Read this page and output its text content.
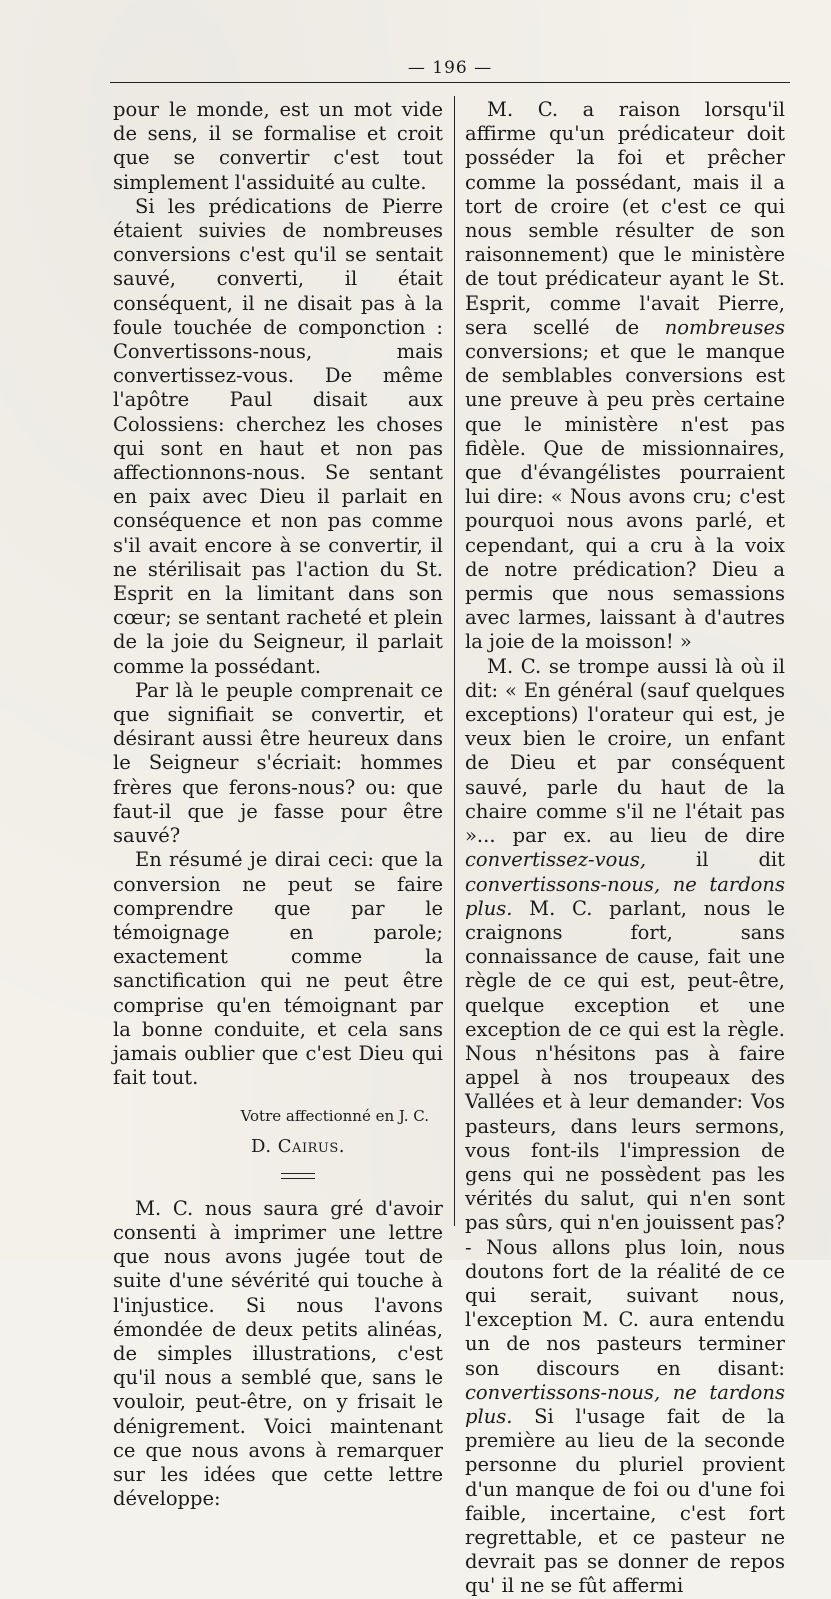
— 196 —

pour le monde, est un mot vide de sens, il se formalise et croit que se convertir c'est tout simplement l'assiduité au culte.

Si les prédications de Pierre étaient suivies de nombreuses conversions c'est qu'il se sentait sauvé, converti, il était conséquent, il ne disait pas à la foule touchée de componction : Convertissons-nous, mais convertissez-vous. De même l'apôtre Paul disait aux Colossiens: cherchez les choses qui sont en haut et non pas affectionnons-nous. Se sentant en paix avec Dieu il parlait en conséquence et non pas comme s'il avait encore à se convertir, il ne stérilisait pas l'action du St. Esprit en la limitant dans son cœur; se sentant racheté et plein de la joie du Seigneur, il parlait comme la possédant.

Par là le peuple comprenait ce que signifiait se convertir, et désirant aussi être heureux dans le Seigneur s'écriait: hommes frères que ferons-nous? ou: que faut-il que je fasse pour être sauvé?

En résumé je dirai ceci: que la conversion ne peut se faire comprendre que par le témoignage en parole; exactement comme la sanctification qui ne peut être comprise qu'en témoignant par la bonne conduite, et cela sans jamais oublier que c'est Dieu qui fait tout.

Votre affectionné en J. C.
D. Cairus.

M. C. nous saura gré d'avoir consenti à imprimer une lettre que nous avons jugée tout de suite d'une sévérité qui touche à l'injustice. Si nous l'avons émondée de deux petits alinéas, de simples illustrations, c'est qu'il nous a semblé que, sans le vouloir, peut-être, on y frisait le dénigrement. Voici maintenant ce que nous avons à remarquer sur les idées que cette lettre développe:

M. C. a raison lorsqu'il affirme qu'un prédicateur doit posséder la foi et prêcher comme la possédant, mais il a tort de croire (et c'est ce qui nous semble résulter de son raisonnement) que le ministère de tout prédicateur ayant le St. Esprit, comme l'avait Pierre, sera scellé de nombreuses conversions; et que le manque de semblables conversions est une preuve à peu près certaine que le ministère n'est pas fidèle. Que de missionnaires, que d'évangélistes pourraient lui dire: « Nous avons cru; c'est pourquoi nous avons parlé, et cependant, qui a cru à la voix de notre prédication? Dieu a permis que nous semassions avec larmes, laissant à d'autres la joie de la moisson! »

M. C. se trompe aussi là où il dit: « En général (sauf quelques exceptions) l'orateur qui est, je veux bien le croire, un enfant de Dieu et par conséquent sauvé, parle du haut de la chaire comme s'il ne l'était pas »... par ex. au lieu de dire convertissez-vous,	il dit convertissons-nous, ne tardons plus. M. C. parlant, nous le craignons fort, sans connaissance de cause, fait une règle de ce qui est, peut-être, quelque exception et une exception de ce qui est la règle. Nous n'hésitons pas à faire appel à nos troupeaux des Vallées et à leur demander: Vos pasteurs, dans leurs sermons, vous font-ils l'impression de gens qui ne possèdent pas les vérités du salut, qui n'en sont pas sûrs, qui n'en jouissent pas? - Nous allons plus loin, nous doutons fort de la réalité de ce qui serait, suivant nous, l'exception M. C. aura entendu un de nos pasteurs terminer son discours en disant: convertissons-nous, ne tardons plus. Si l'usage fait de la première au lieu de la seconde personne du pluriel provient d'un manque de foi ou d'une foi faible, incertaine, c'est fort regrettable, et ce pasteur ne devrait pas se donner de repos qu' il ne se fût affermi
